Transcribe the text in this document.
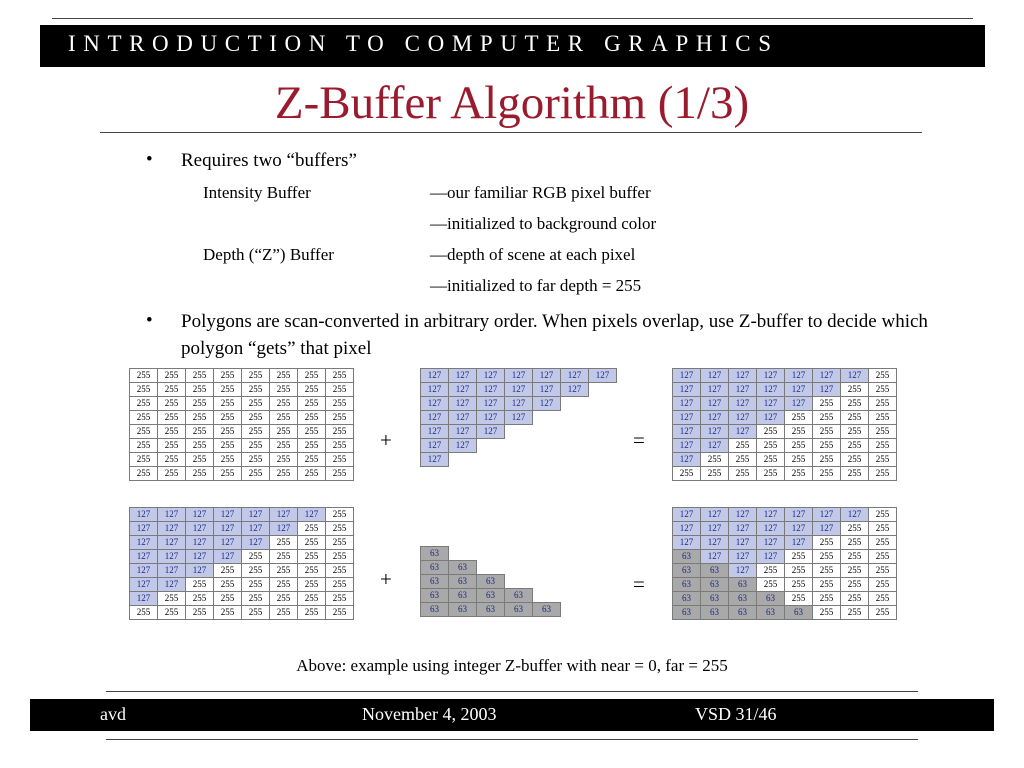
INTRODUCTION TO COMPUTER GRAPHICS
Z-Buffer Algorithm (1/3)
• Requires two “buffers”
Intensity Buffer	—our familiar RGB pixel buffer
—initialized to background color
Depth (“Z”) Buffer	—depth of scene at each pixel
—initialized to far depth = 255
• Polygons are scan-converted in arbitrary order. When pixels overlap, use Z-buffer to decide which polygon “gets” that pixel
255	255	255	255	255	255	255	255
255	255	255	255	255	255	255	255
255	255	255	255	255	255	255	255
255	255	255	255	255	255	255	255
255	255	255	255	255	255	255	255
255	255	255	255	255	255	255	255
255	255	255	255	255	255	255	255
255	255	255	255	255	255	255	255
127	127	127	127	127	127	127	
127	127	127	127	127	127		
127	127	127	127	127			
127	127	127	127				
127	127	127					
127	127						
127							

127	127	127	127	127	127	127	255
127	127	127	127	127	127	255	255
127	127	127	127	127	255	255	255
127	127	127	127	255	255	255	255
127	127	127	255	255	255	255	255
127	127	255	255	255	255	255	255
127	255	255	255	255	255	255	255
255	255	255	255	255	255	255	255
+	=
127	127	127	127	127	127	127	255
127	127	127	127	127	127	255	255
127	127	127	127	127	255	255	255
127	127	127	127	255	255	255	255
127	127	127	255	255	255	255	255
127	127	255	255	255	255	255	255
127	255	255	255	255	255	255	255
255	255	255	255	255	255	255	255

63							
63	63						
63	63	63					
63	63	63	63				
63	63	63	63	63			
127	127	127	127	127	127	127	255
127	127	127	127	127	127	255	255
127	127	127	127	127	255	255	255
63	127	127	127	255	255	255	255
63	63	127	255	255	255	255	255
63	63	63	255	255	255	255	255
63	63	63	63	255	255	255	255
63	63	63	63	63	255	255	255
+	=
Above: example using integer Z-buffer with near = 0, far = 255
avd	November 4, 2003	VSD 31/46
